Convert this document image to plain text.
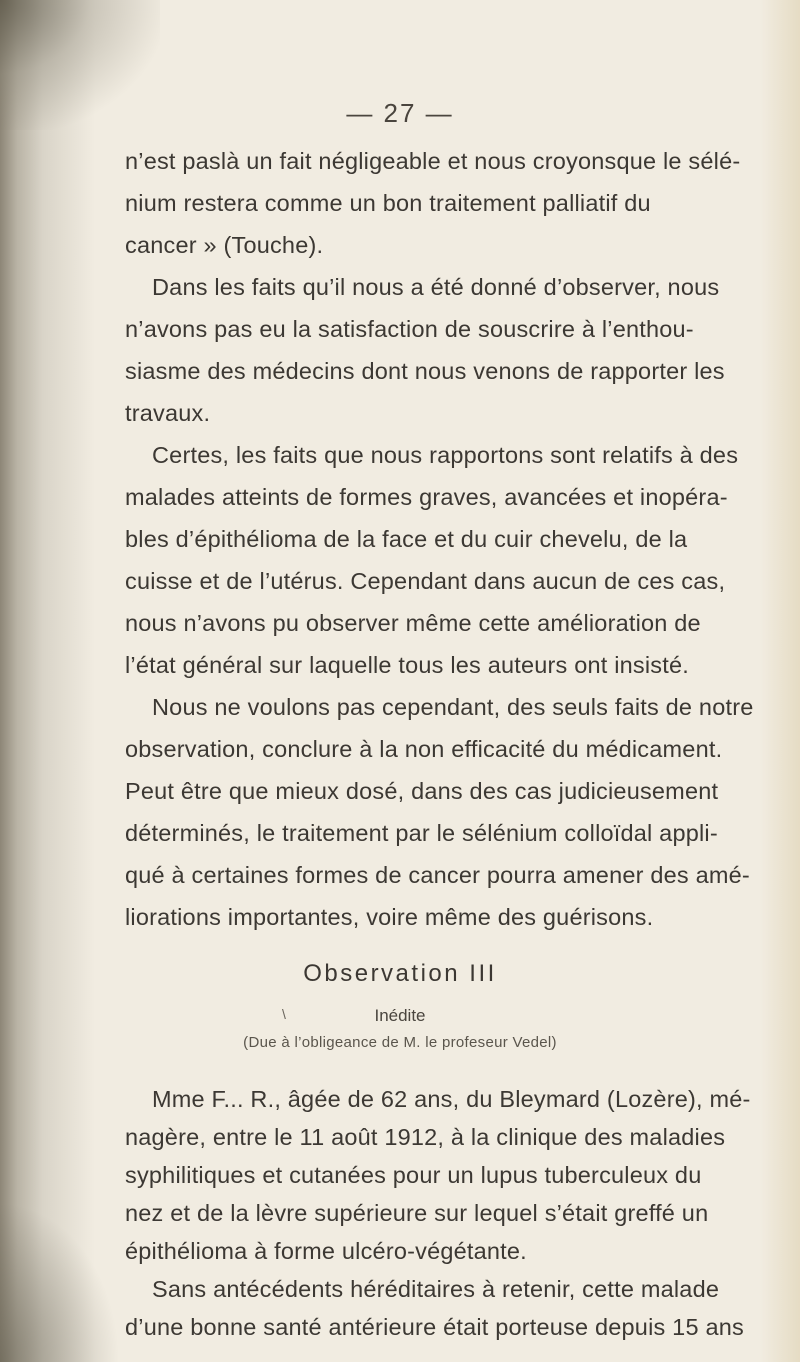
— 27 —
n’est paslà un fait négligeable et nous croyonsque le sélé-
nium restera comme un bon traitement palliatif du
cancer » (Touche).
Dans les faits qu’il nous a été donné d’observer, nous
n’avons pas eu la satisfaction de souscrire à l’enthou-
siasme des médecins dont nous venons de rapporter les
travaux.
Certes, les faits que nous rapportons sont relatifs à des
malades atteints de formes graves, avancées et inopéra-
bles d’épithélioma de la face et du cuir chevelu, de la
cuisse et de l’utérus. Cependant dans aucun de ces cas,
nous n’avons pu observer même cette amélioration de
l’état général sur laquelle tous les auteurs ont insisté.
Nous ne voulons pas cependant, des seuls faits de notre
observation, conclure à la non efficacité du médicament.
Peut être que mieux dosé, dans des cas judicieusement
qué à certaines formes de cancer pourra amener des amé-
liorations importantes, voire même des guérisons.
déterminés, le traitement par le sélénium colloïdal appli-
Observation III
\	Inédite
(Due à l’obligeance de M. le profeseur Vedel)
Mme F... R., âgée de 62 ans, du Bleymard (Lozère), mé-
nagère, entre le 11 août 1912, à la clinique des maladies
syphilitiques et cutanées pour un lupus tuberculeux du
nez et de la lèvre supérieure sur lequel s’était greffé un
épithélioma à forme ulcéro-végétante.
Sans antécédents héréditaires à retenir, cette malade
d’une bonne santé antérieure était porteuse depuis 15 ans
